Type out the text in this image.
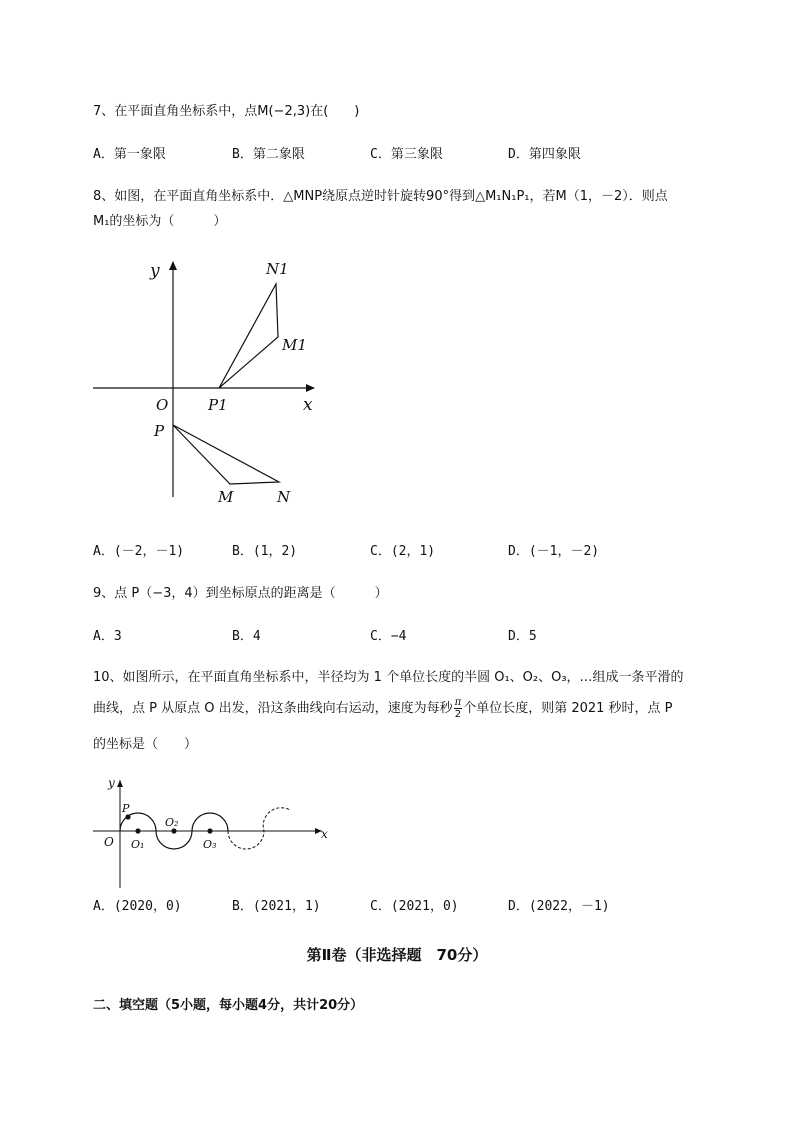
7、在平面直角坐标系中，点M(−2,3)在(　　)
A．第一象限	B．第二象限	C．第三象限	D．第四象限
8、如图，在平面直角坐标系中．△MNP绕原点逆时针旋转90°得到△M₁N₁P₁，若M（1，－2）．则点
M₁的坐标为（　　　）
y
x
O
N1
M1
P1
P
M	N
A．(－2，－1)	B．(1，2)	C．(2，1)	D．(－1，－2)
9、点 P（−3，4）到坐标原点的距离是（　　　）
A．3	B．4	C．−4	D．5
10、如图所示，在平面直角坐标系中，半径均为 1 个单位长度的半圆 O₁、O₂、O₃，…组成一条平滑的
曲线，点 P 从原点 O 出发，沿这条曲线向右运动，速度为每秒 $\frac{\pi}{2}$ 个单位长度，则第 2021 秒时，点 P
的坐标是（　　）
y
x
O
P
O₁
O₂
O₃
A．(2020，0)	B．(2021，1)	C．(2021，0)	D．(2022，－1)
第Ⅱ卷（非选择题　70分）
二、填空题（5小题，每小题4分，共计20分）
